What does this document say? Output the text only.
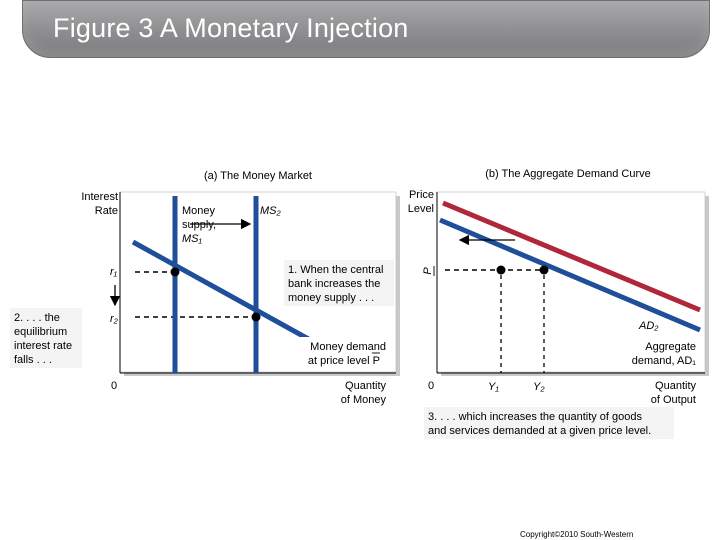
Figure 3 A Monetary Injection
(a) The Money Market
Interest
Rate
Quantity
of Money
0
r₁
r₂
Money
supply,
MS₁
MS₂
1. When the central
bank increases the
money supply . . .
2. . . . the
equilibrium
interest rate
falls . . .
Money demand
at price level P
(b) The Aggregate Demand Curve
Price
Level
Quantity
of Output
0
P
Y₁	Y₂
AD₂
Aggregate
demand, AD₁
3. . . . which increases the quantity of goods
and services demanded at a given price level.
Copyright©2010 South-Western
